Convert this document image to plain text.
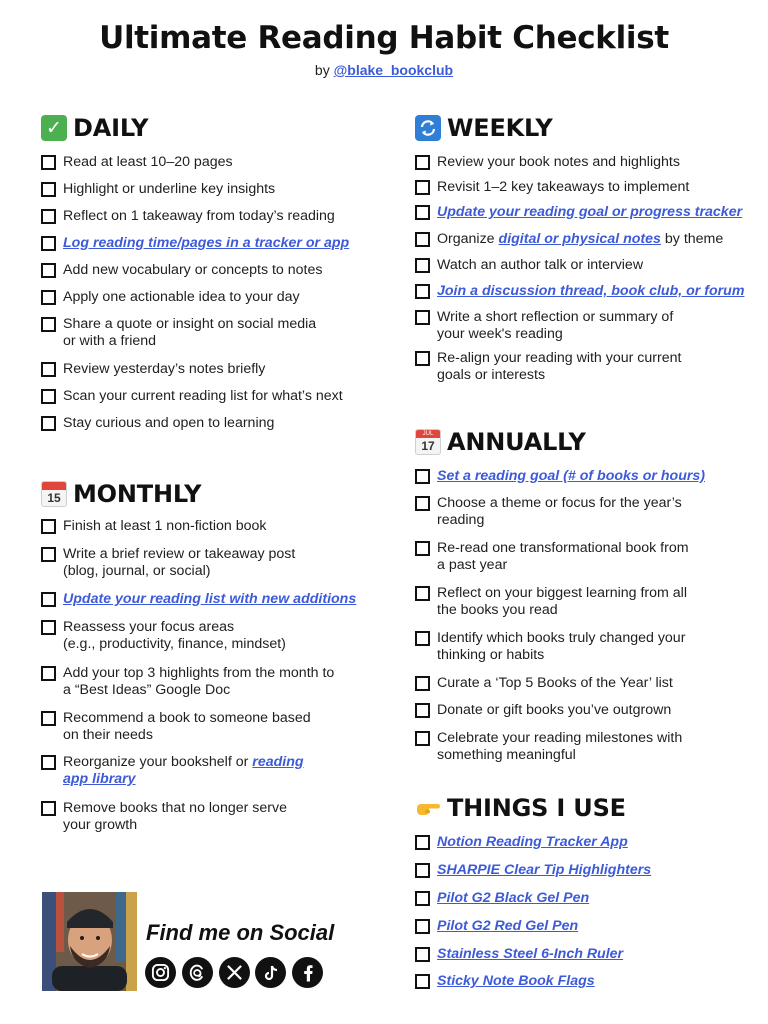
Ultimate Reading Habit Checklist
by @blake_bookclub
✓ DAILY
Read at least 10–20 pages
Highlight or underline key insights
Reflect on 1 takeaway from today’s reading
Log reading time/pages in a tracker or app
Add new vocabulary or concepts to notes
Apply one actionable idea to your day
Share a quote or insight on social media
or with a friend
Review yesterday’s notes briefly
Scan your current reading list for what’s next
Stay curious and open to learning
15 MONTHLY
Finish at least 1 non-fiction book
Write a brief review or takeaway post
(blog, journal, or social)
Update your reading list with new additions
Reassess your focus areas
(e.g., productivity, finance, mindset)
Add your top 3 highlights from the month to
a “Best Ideas” Google Doc
Recommend a book to someone based
on their needs
Reorganize your bookshelf or reading
app library
Remove books that no longer serve
your growth
WEEKLY
Review your book notes and highlights
Revisit 1–2 key takeaways to implement
Update your reading goal or progress tracker
Organize digital or physical notes by theme
Watch an author talk or interview
Join a discussion thread, book club, or forum
Write a short reflection or summary of
your week's reading
Re-align your reading with your current
goals or interests
JUL
17 ANNUALLY
Set a reading goal (# of books or hours)
Choose a theme or focus for the year’s
reading
Re-read one transformational book from
a past year
Reflect on your biggest learning from all
the books you read
Identify which books truly changed your
thinking or habits
Curate a ‘Top 5 Books of the Year’ list
Donate or gift books you’ve outgrown
Celebrate your reading milestones with
something meaningful
THINGS I USE
Notion Reading Tracker App
SHARPIE Clear Tip Highlighters
Pilot G2 Black Gel Pen
Pilot G2 Red Gel Pen
Stainless Steel 6-Inch Ruler
Sticky Note Book Flags
Find me on Social
